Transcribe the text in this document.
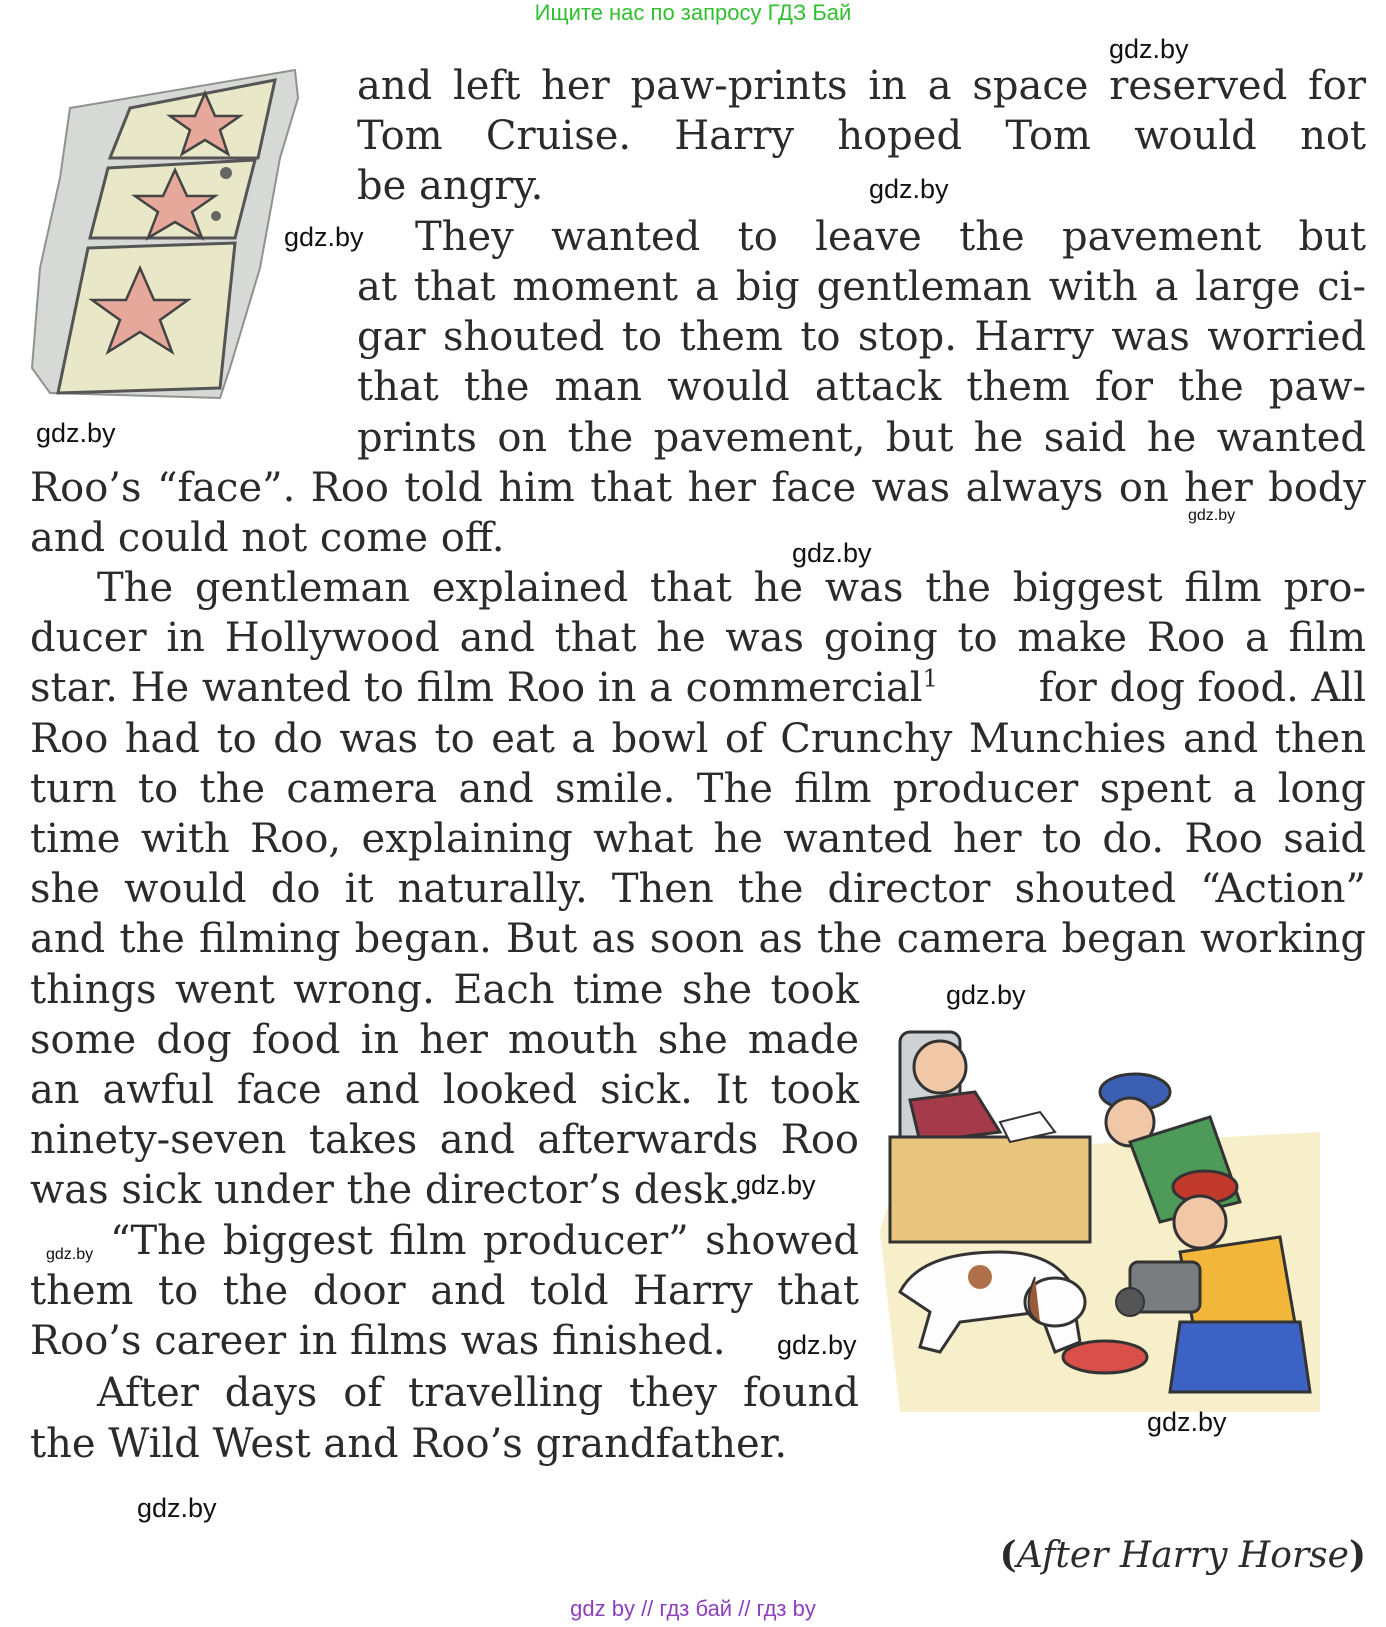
Ищите нас по запросу ГДЗ Бай
gdz.by
gdz.by
gdz.by
gdz.by
gdz.by
gdz.by
gdz.by
gdz.by
gdz.by
gdz.by
gdz.by
gdz.by
and left her paw-prints in a space reserved for
Tom Cruise. Harry hoped Tom would not
be angry.
They wanted to leave the pavement but
at that moment a big gentleman with a large ci-
gar shouted to them to stop. Harry was worried
that the man would attack them for the paw-
prints on the pavement, but he said he wanted
Roo’s “face”. Roo told him that her face was always on her body
and could not come off.
The gentleman explained that he was the biggest film pro-
ducer in Hollywood and that he was going to make Roo a film
star. He wanted to film Roo in a commercial$^1$	for dog food. All
Roo had to do was to eat a bowl of Crunchy Munchies and then
turn to the camera and smile. The film producer spent a long
time with Roo, explaining what he wanted her to do. Roo said
she would do it naturally. Then the director shouted “Action”
and the filming began. But as soon as the camera began working
things went wrong. Each time she took
some dog food in her mouth she made
an awful face and looked sick. It took
ninety-seven takes and afterwards Roo
was sick under the director’s desk.
“The biggest film producer” showed
them to the door and told Harry that
Roo’s career in films was finished.
After days of travelling they found
the Wild West and Roo’s grandfather.
(After Harry Horse)
gdz by // гдз бай // гдз by
